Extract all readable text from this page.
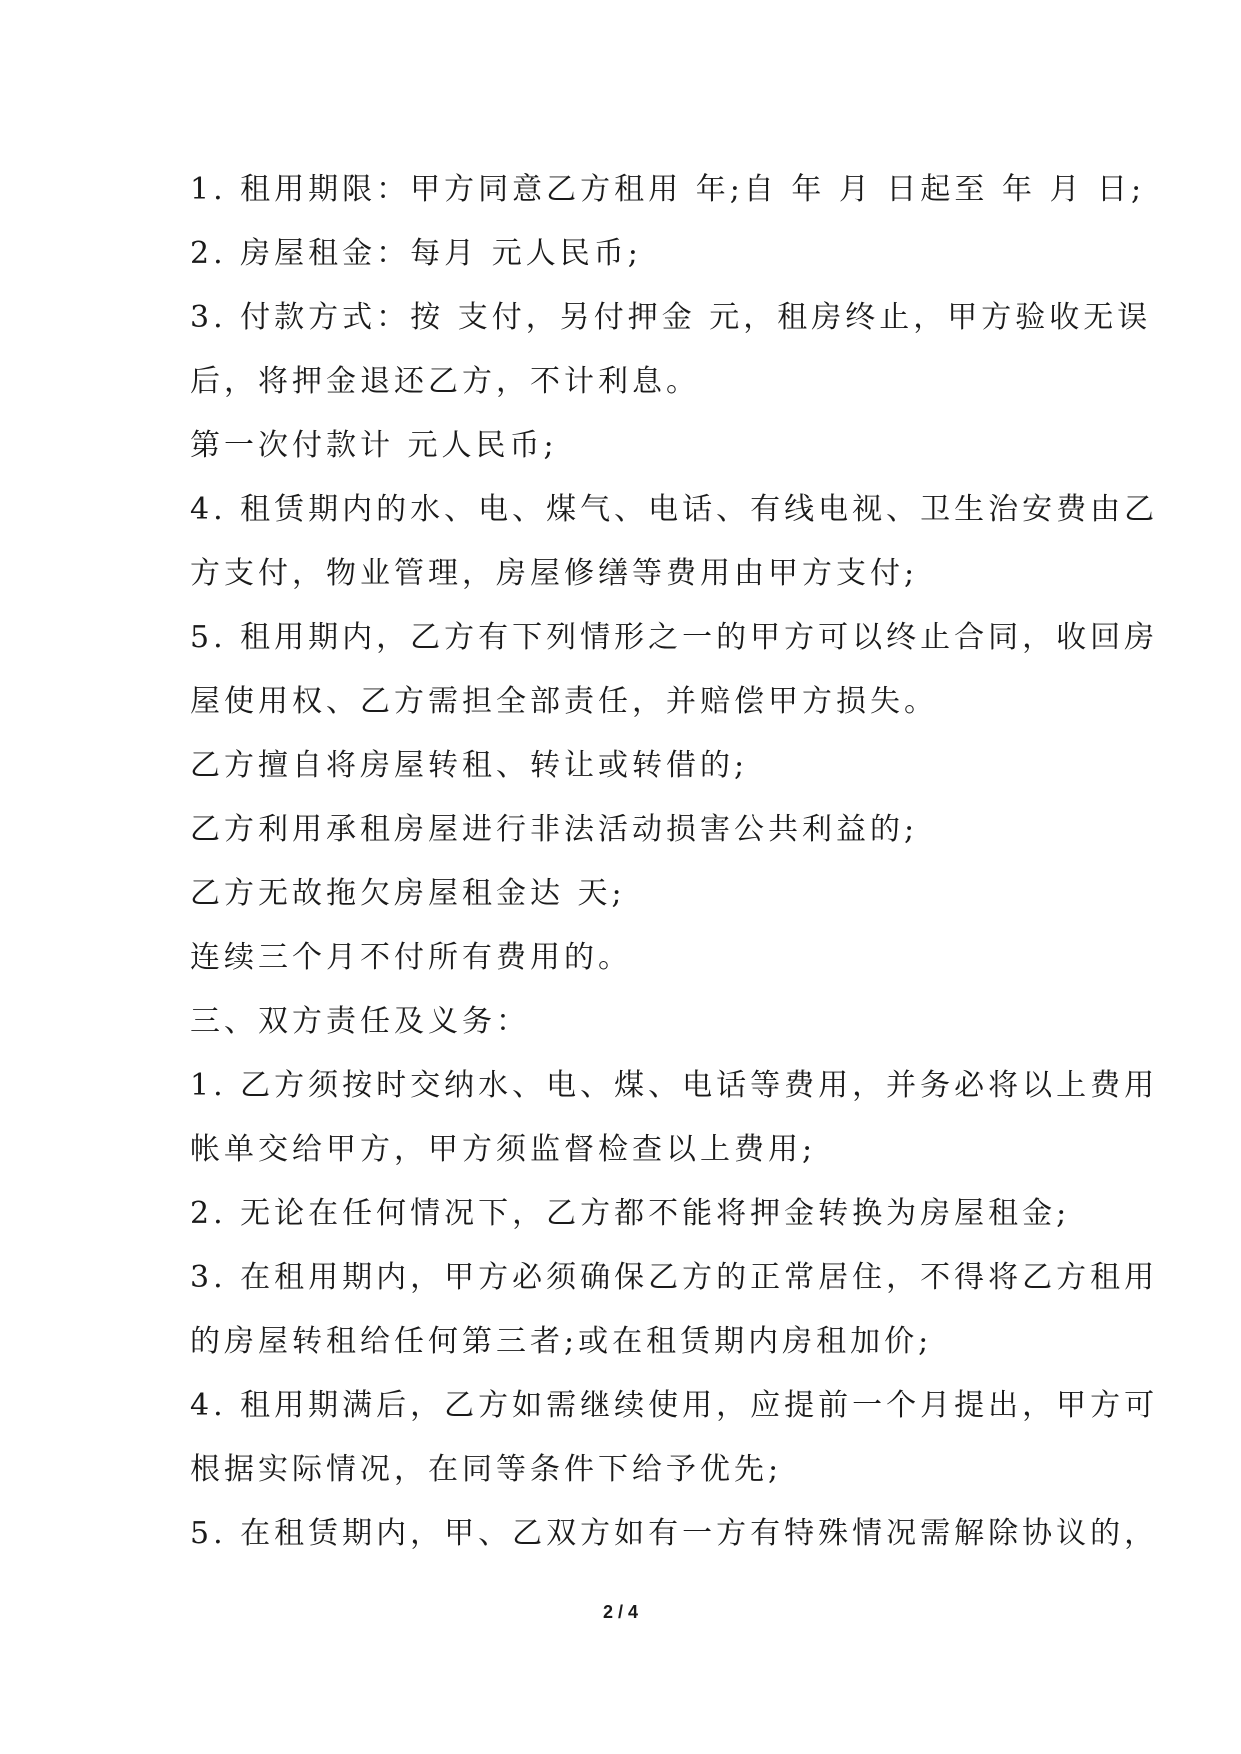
1. 租用期限：甲方同意乙方租用 年;自 年 月 日起至 年 月 日;
2. 房屋租金：每月 元人民币;
3. 付款方式：按 支付，另付押金 元，租房终止，甲方验收无误
后，将押金退还乙方，不计利息。
第一次付款计 元人民币;
4. 租赁期内的水、电、煤气、电话、有线电视、卫生治安费由乙
方支付，物业管理，房屋修缮等费用由甲方支付;
5. 租用期内，乙方有下列情形之一的甲方可以终止合同，收回房
屋使用权、乙方需担全部责任，并赔偿甲方损失。
乙方擅自将房屋转租、转让或转借的;
乙方利用承租房屋进行非法活动损害公共利益的;
乙方无故拖欠房屋租金达 天;
连续三个月不付所有费用的。
三、双方责任及义务：
1. 乙方须按时交纳水、电、煤、电话等费用，并务必将以上费用
帐单交给甲方，甲方须监督检查以上费用;
2. 无论在任何情况下，乙方都不能将押金转换为房屋租金;
3. 在租用期内，甲方必须确保乙方的正常居住，不得将乙方租用
的房屋转租给任何第三者;或在租赁期内房租加价;
4. 租用期满后，乙方如需继续使用，应提前一个月提出，甲方可
根据实际情况，在同等条件下给予优先;
5. 在租赁期内，甲、乙双方如有一方有特殊情况需解除协议的，
2 / 4
